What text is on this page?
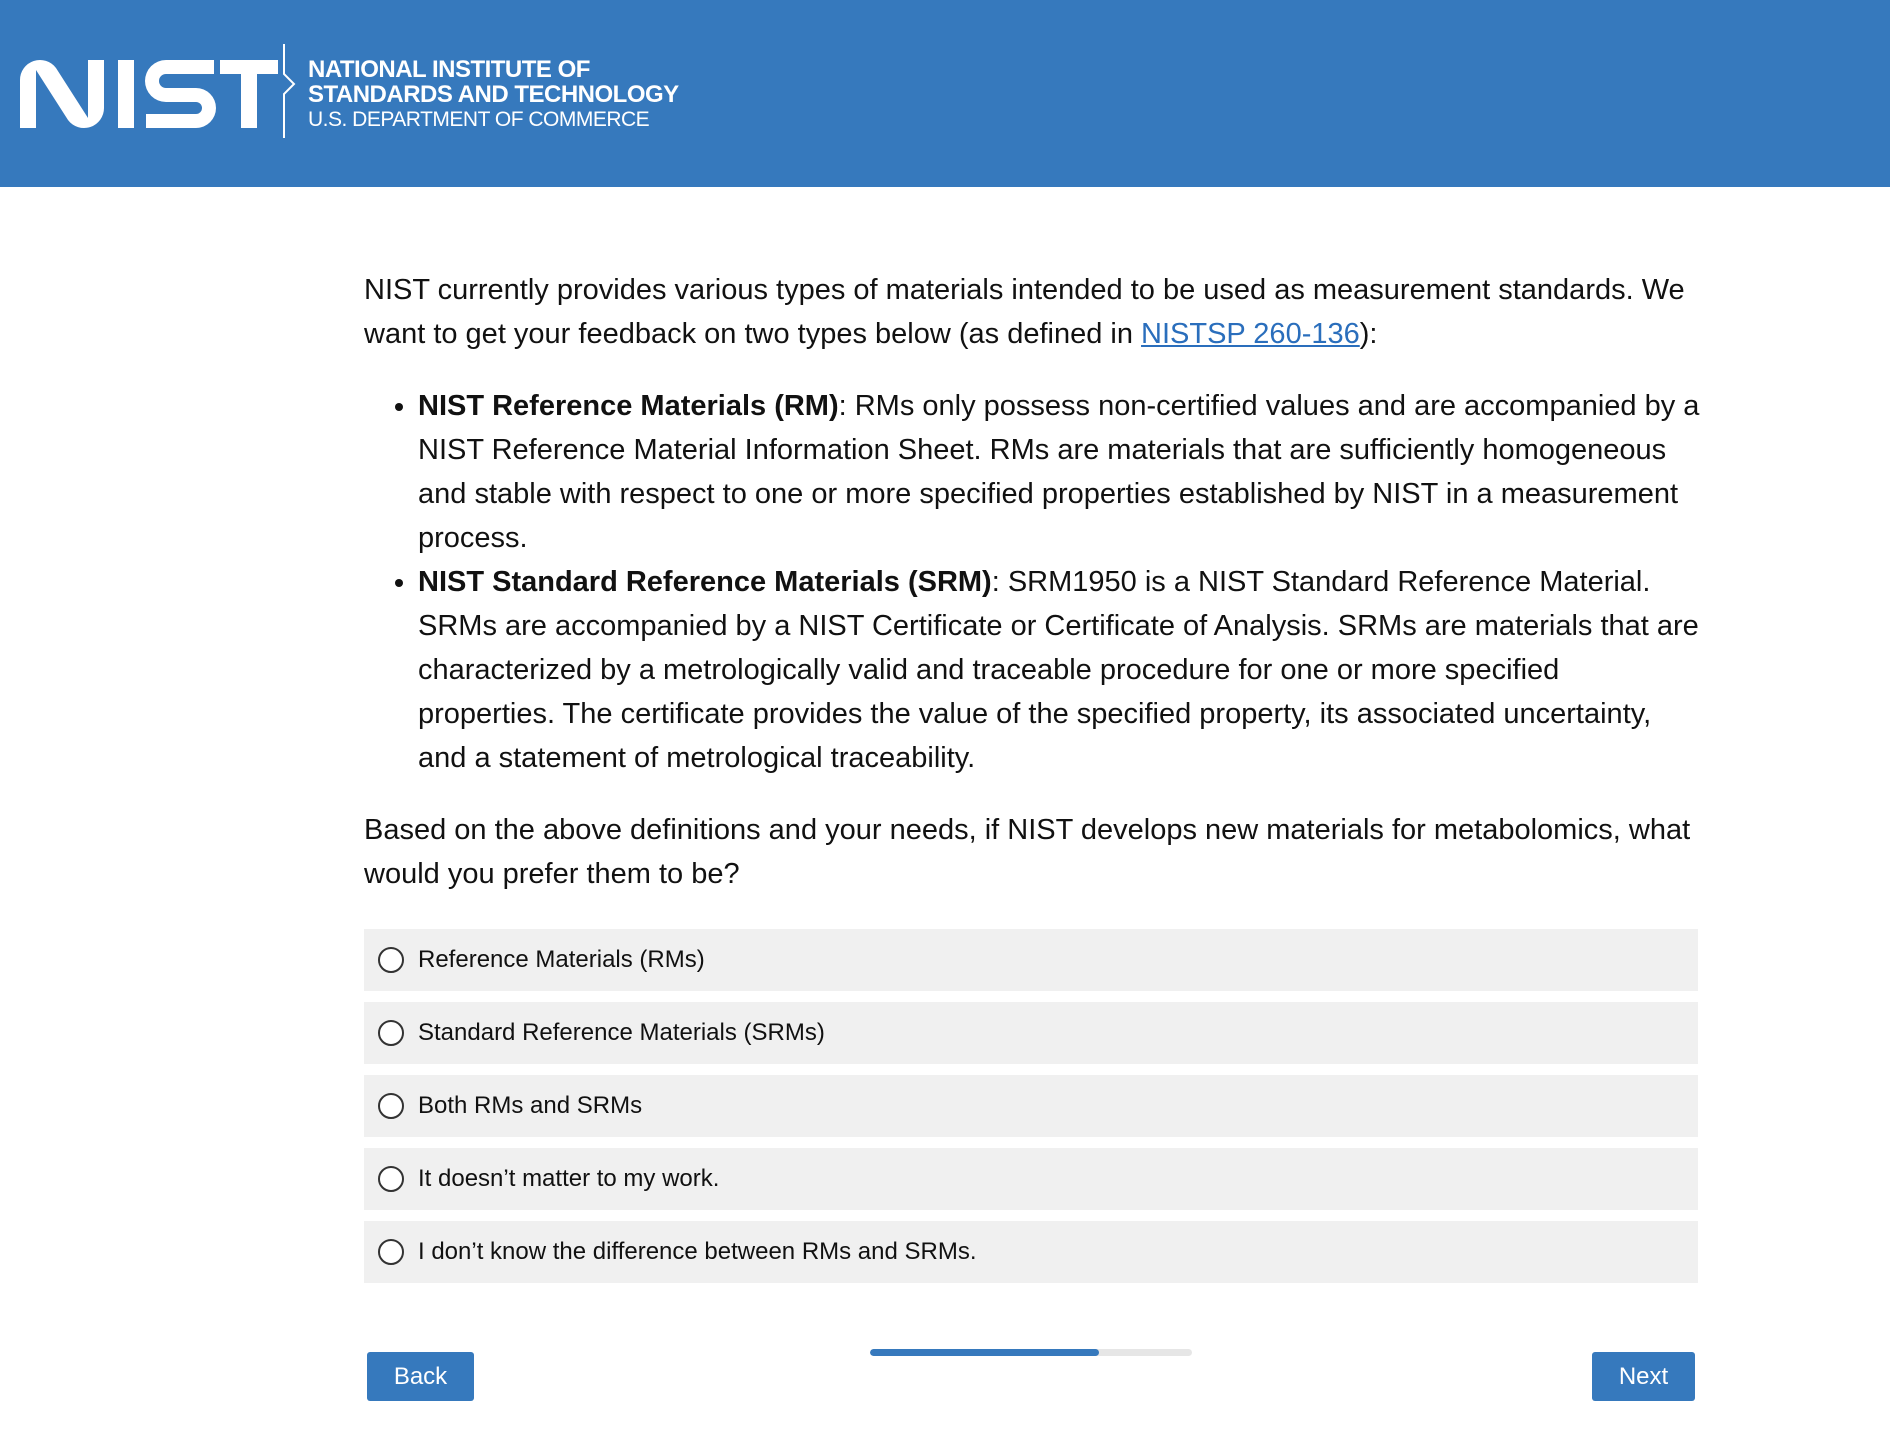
NATIONAL INSTITUTE OF
STANDARDS AND TECHNOLOGY
U.S. DEPARTMENT OF COMMERCE

NIST currently provides various types of materials intended to be used as measurement standards. We want to get your feedback on two types below (as defined in NISTSP 260-136):

• NIST Reference Materials (RM): RMs only possess non-certified values and are accompanied by a NIST Reference Material Information Sheet. RMs are materials that are sufficiently homogeneous and stable with respect to one or more specified properties established by NIST in a measurement process.
• NIST Standard Reference Materials (SRM): SRM1950 is a NIST Standard Reference Material. SRMs are accompanied by a NIST Certificate or Certificate of Analysis. SRMs are materials that are characterized by a metrologically valid and traceable procedure for one or more specified properties. The certificate provides the value of the specified property, its associated uncertainty, and a statement of metrological traceability.

Based on the above definitions and your needs, if NIST develops new materials for metabolomics, what would you prefer them to be?

Reference Materials (RMs)
Standard Reference Materials (SRMs)
Both RMs and SRMs
It doesn’t matter to my work.
I don’t know the difference between RMs and SRMs.
Back	Next
